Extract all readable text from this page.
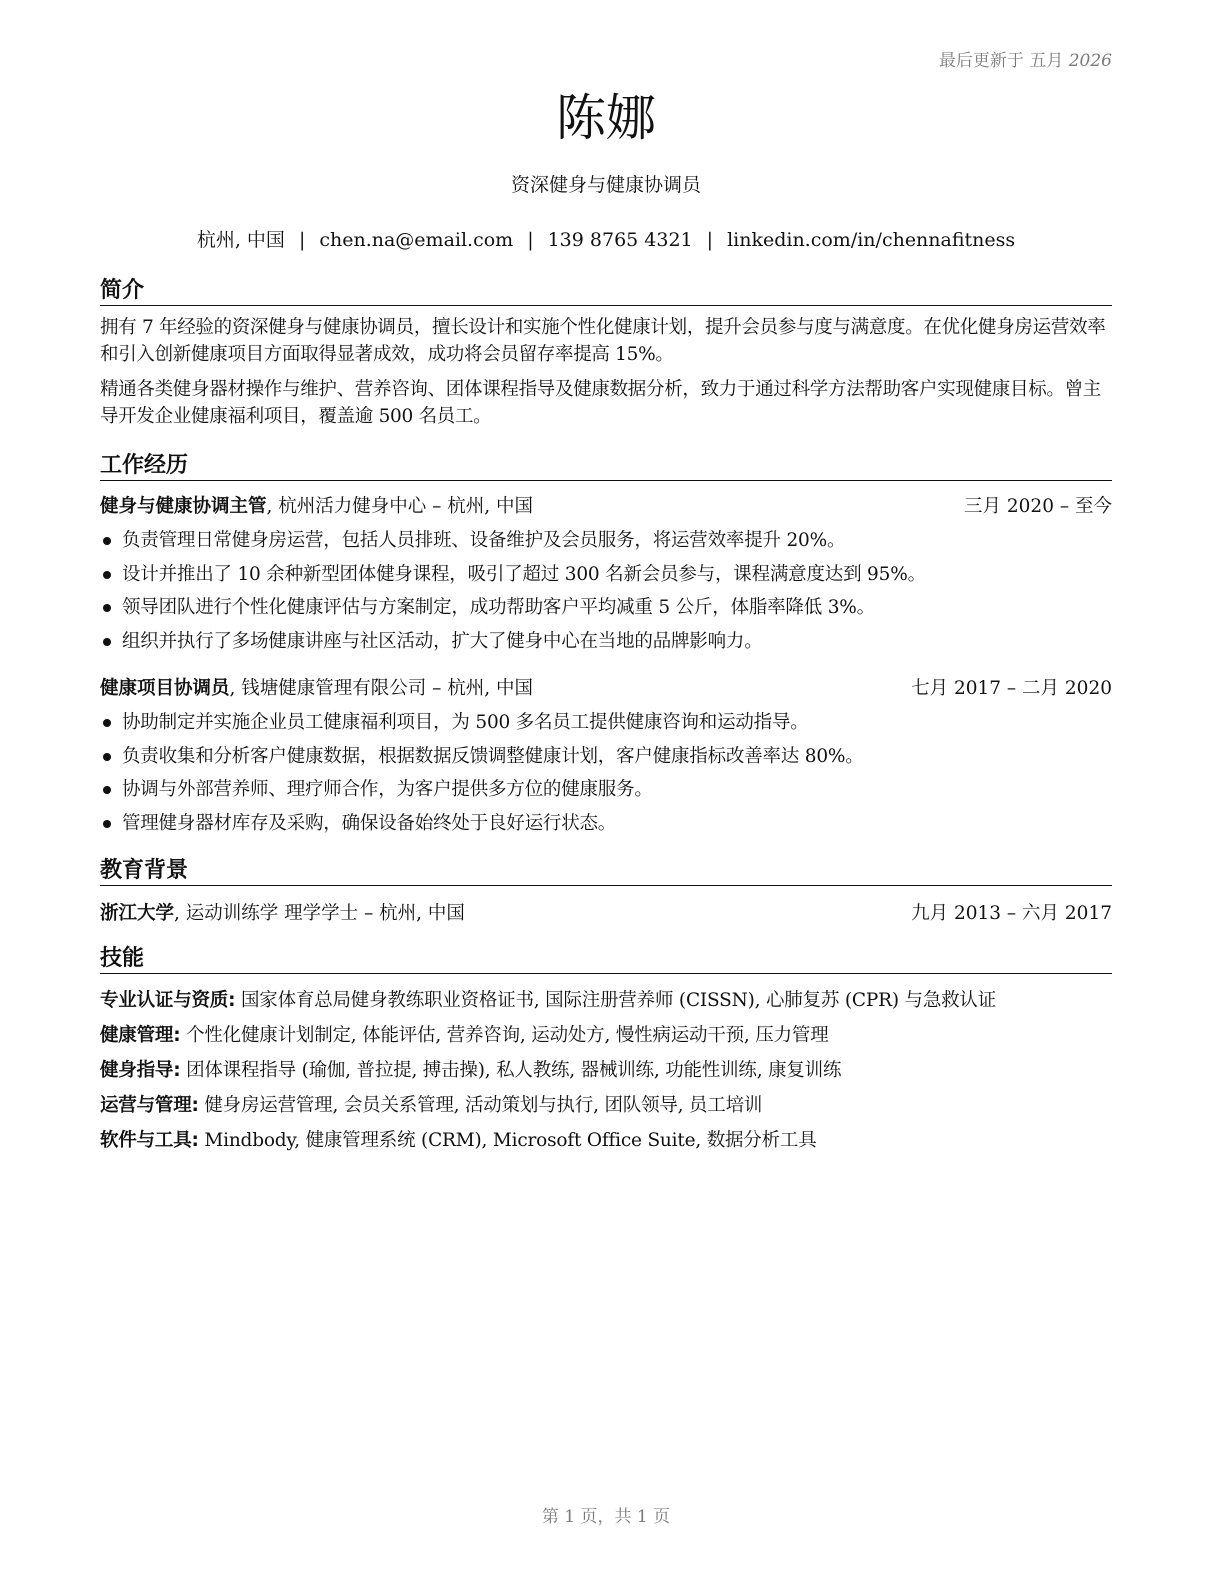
最后更新于 五月 2026
陈娜
资深健身与健康协调员
杭州, 中国 | chen.na@email.com | 139 8765 4321 | linkedin.com/in/chennafitness
简介

拥有 7 年经验的资深健身与健康协调员，擅长设计和实施个性化健康计划，提升会员参与度与满意度。在优化健身房运营效率和引入创新健康项目方面取得显著成效，成功将会员留存率提高 15%。

精通各类健身器材操作与维护、营养咨询、团体课程指导及健康数据分析，致力于通过科学方法帮助客户实现健康目标。曾主导开发企业健康福利项目，覆盖逾 500 名员工。

工作经历
健身与健康协调主管, 杭州活力健身中心 – 杭州, 中国	三月 2020 – 至今
负责管理日常健身房运营，包括人员排班、设备维护及会员服务，将运营效率提升 20%。
设计并推出了 10 余种新型团体健身课程，吸引了超过 300 名新会员参与，课程满意度达到 95%。
领导团队进行个性化健康评估与方案制定，成功帮助客户平均减重 5 公斤，体脂率降低 3%。
组织并执行了多场健康讲座与社区活动，扩大了健身中心在当地的品牌影响力。
健康项目协调员, 钱塘健康管理有限公司 – 杭州, 中国	七月 2017 – 二月 2020
协助制定并实施企业员工健康福利项目，为 500 多名员工提供健康咨询和运动指导。
负责收集和分析客户健康数据，根据数据反馈调整健康计划，客户健康指标改善率达 80%。
协调与外部营养师、理疗师合作，为客户提供多方位的健康服务。
管理健身器材库存及采购，确保设备始终处于良好运行状态。
教育背景
浙江大学, 运动训练学 理学学士 – 杭州, 中国	九月 2013 – 六月 2017
技能
专业认证与资质: 国家体育总局健身教练职业资格证书, 国际注册营养师 (CISSN), 心肺复苏 (CPR) 与急救认证
健康管理: 个性化健康计划制定, 体能评估, 营养咨询, 运动处方, 慢性病运动干预, 压力管理
健身指导: 团体课程指导 (瑜伽, 普拉提, 搏击操), 私人教练, 器械训练, 功能性训练, 康复训练
运营与管理: 健身房运营管理, 会员关系管理, 活动策划与执行, 团队领导, 员工培训
软件与工具: Mindbody, 健康管理系统 (CRM), Microsoft Office Suite, 数据分析工具
第 1 页，共 1 页
